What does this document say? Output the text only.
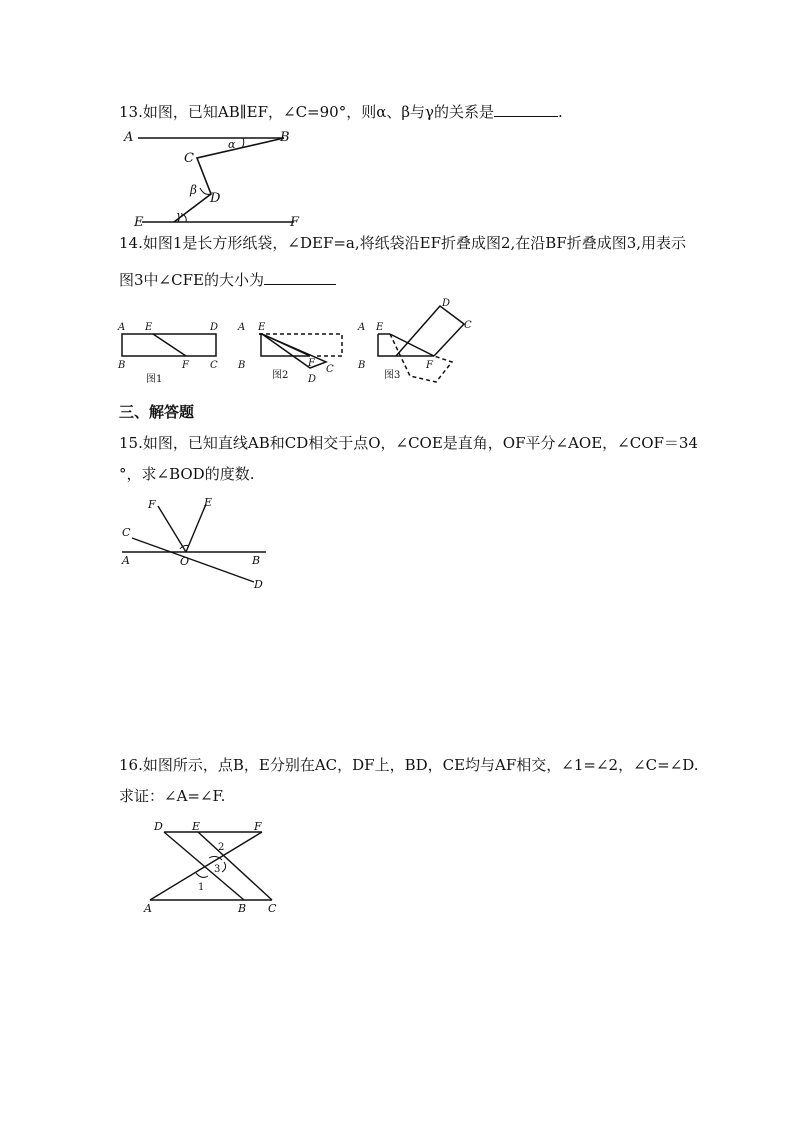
13.如图，已知AB∥EF，∠C=90°，则α、β与γ的关系是	.
A	B
C
D
E	F
α
β
γ
14.如图1是长方形纸袋，∠DEF=a,将纸袋沿EF折叠成图2,在沿BF折叠成图3,用表示
图3中∠CFE的大小为
A E	D
B	F C
图1
A E
B	F
C
D
图2
A E
B	F
D
C
图3
三、解答题
15.如图，已知直线AB和CD相交于点O，∠COE是直角，OF平分∠AOE，∠COF＝34
°，求∠BOD的度数.
F	E
C
A	O	B
D
16.如图所示，点B，E分别在AC，DF上，BD，CE均与AF相交，∠1=∠2，∠C=∠D.
求证：∠A=∠F.
D	E	F
A	B C
1
2
3
